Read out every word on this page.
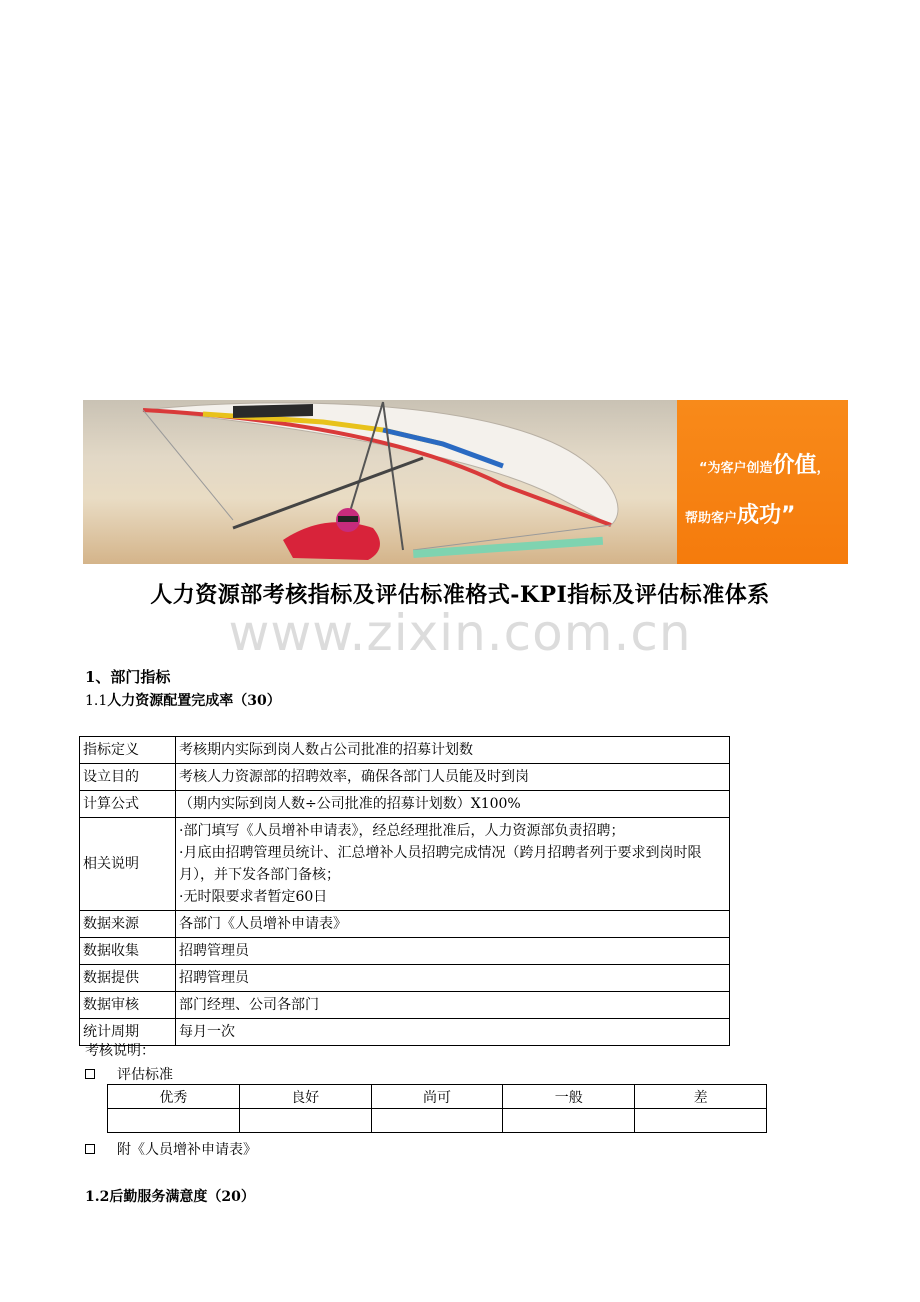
“为客户创造价值，
帮助客户成功”
人力资源部考核指标及评估标准格式-KPI指标及评估标准体系
www.zixin.com.cn
1、部门指标
1.1人力资源配置完成率（30）
指标定义	考核期内实际到岗人数占公司批准的招募计划数
设立目的	考核人力资源部的招聘效率，确保各部门人员能及时到岗
计算公式	（期内实际到岗人数÷公司批准的招募计划数）X100%
相关说明	·部门填写《人员增补申请表》，经总经理批准后，人力资源部负责招聘；
·月底由招聘管理员统计、汇总增补人员招聘完成情况（跨月招聘者列于要求到岗时限月），并下发各部门备核；
·无时限要求者暂定60日

数据来源	各部门《人员增补申请表》
数据收集	招聘管理员
数据提供	招聘管理员
数据审核	部门经理、公司各部门
统计周期	每月一次
考核说明：
评估标准
优秀	良好	尚可	一般	差

附《人员增补申请表》
1.2后勤服务满意度（20）
